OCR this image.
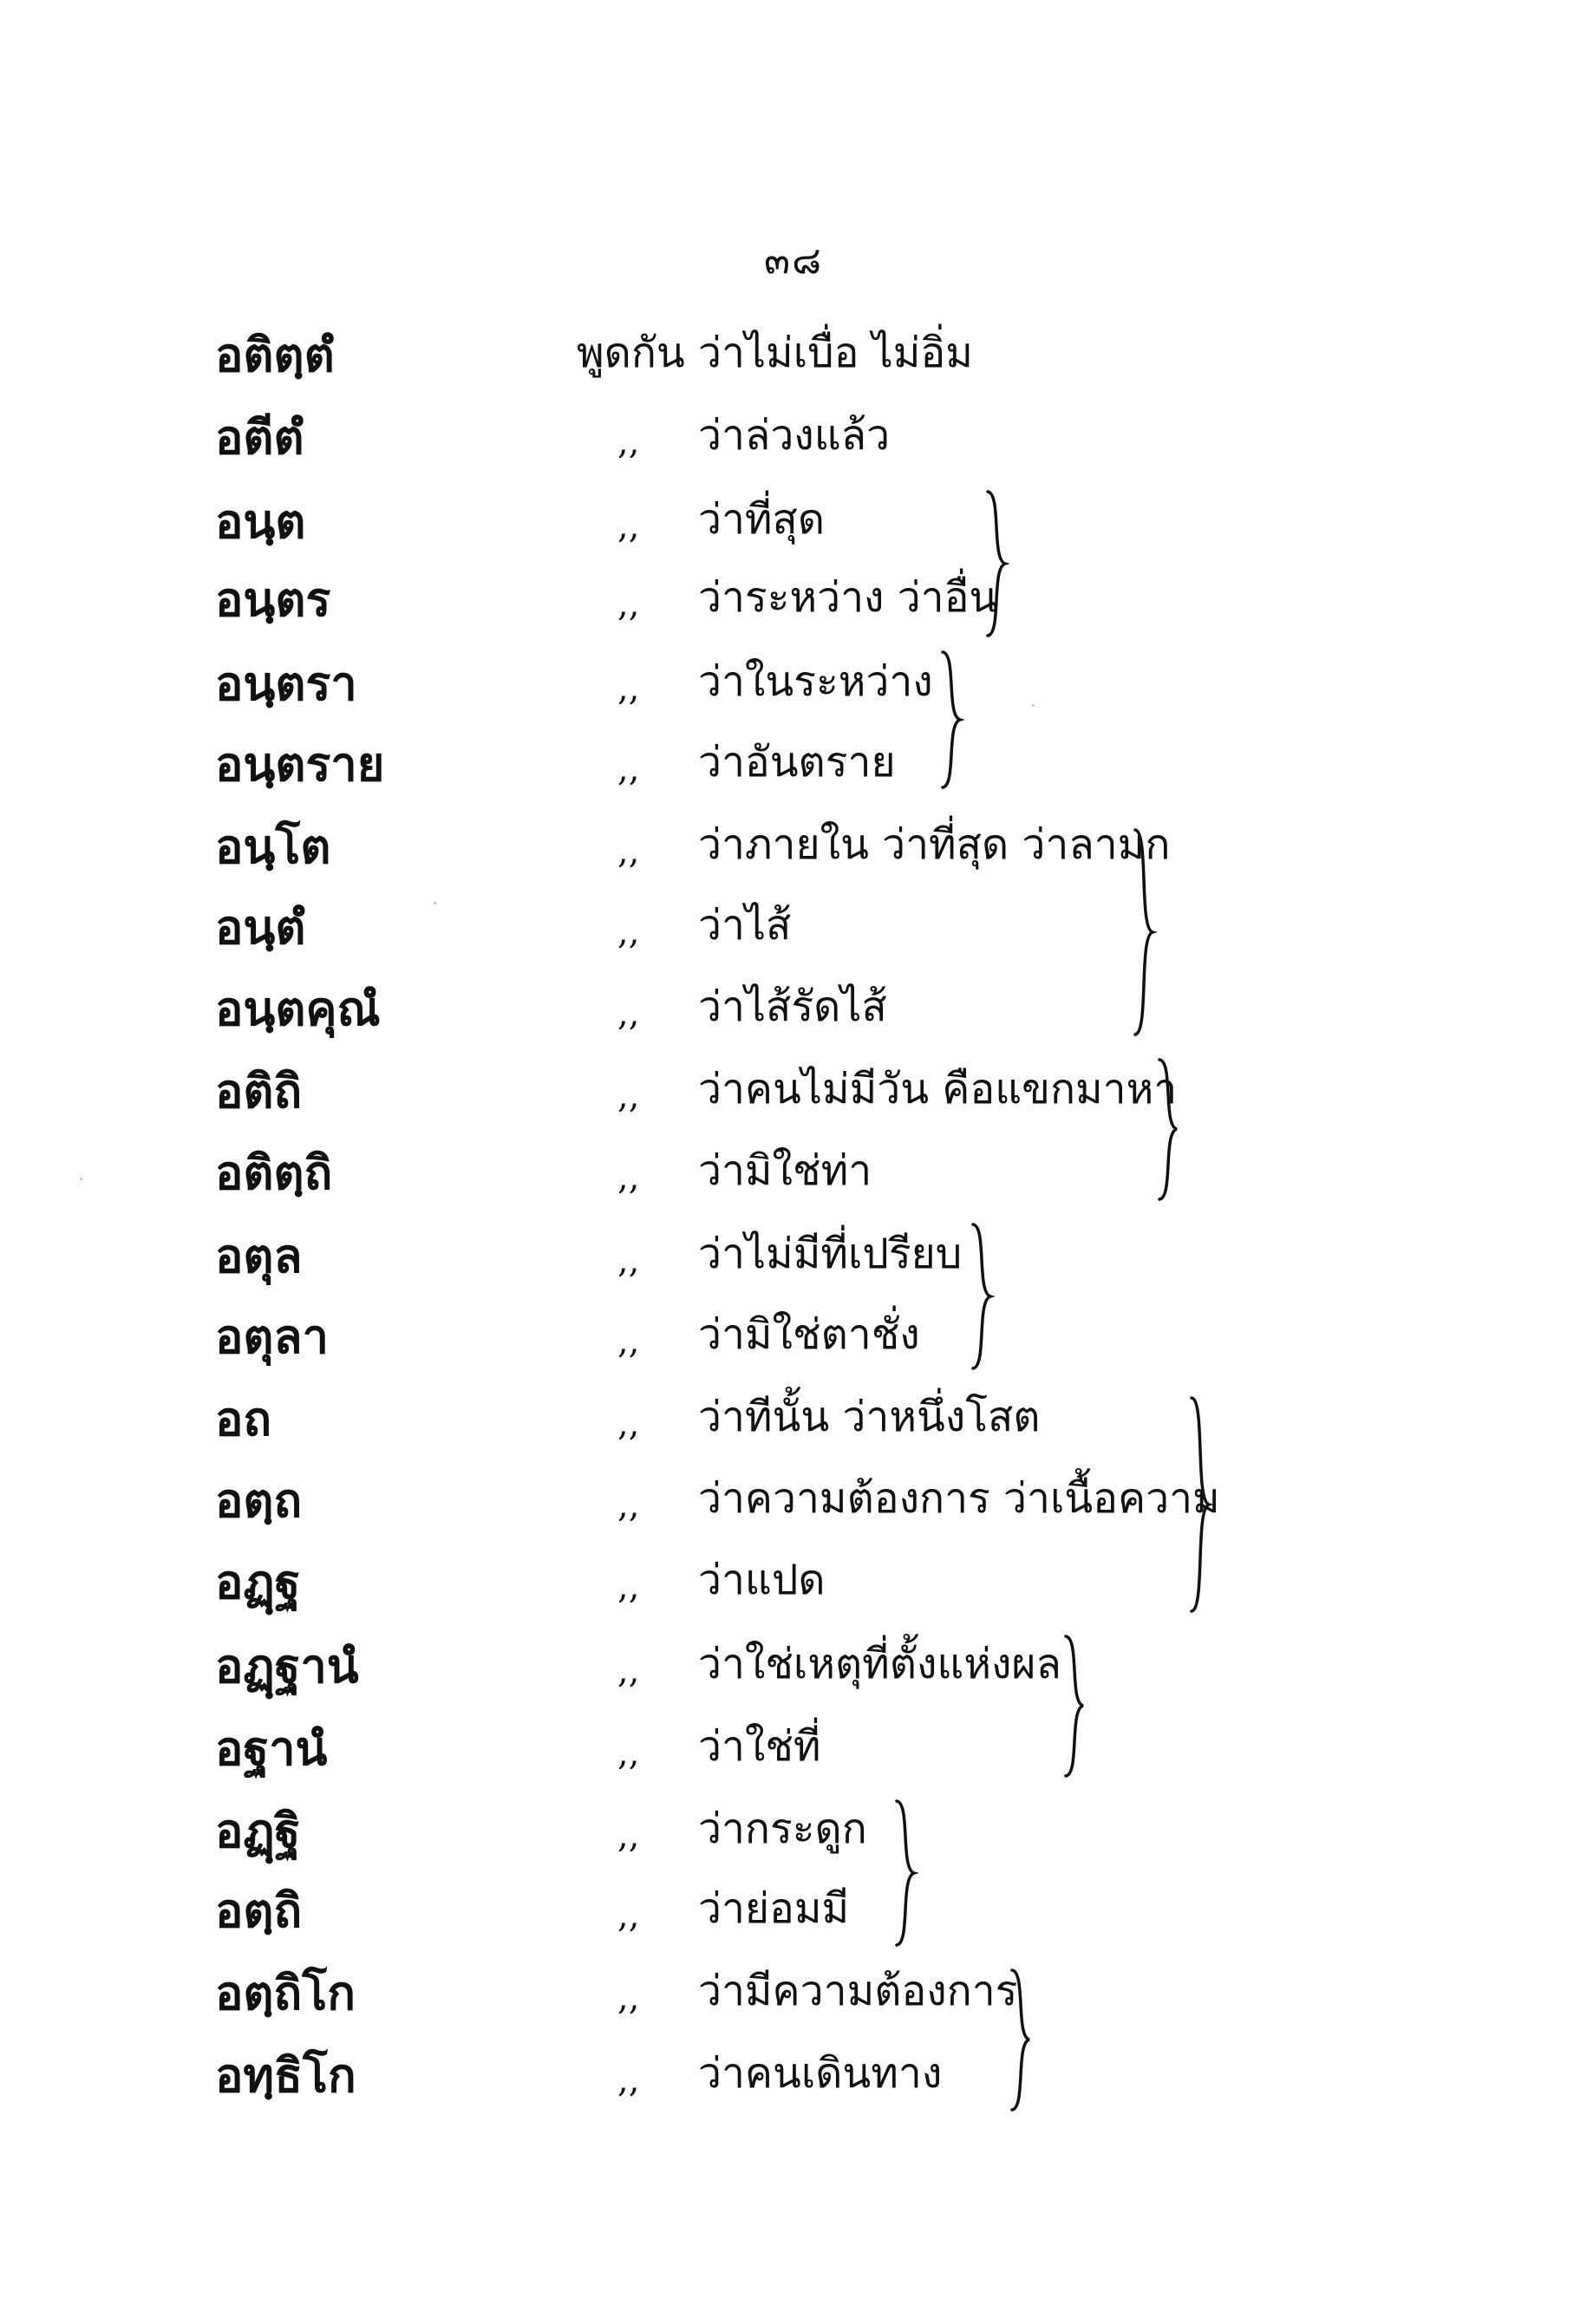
๓๘
อติตฺตํ	พูดกัน ว่าไม่เบื่อ ไม่อิ่ม
อตีตํ	,, ว่าล่วงแล้ว
อนฺต	,, ว่าที่สุด
อนฺตร	,, ว่าระหว่าง ว่าอื่น
อนฺตรา	,, ว่าในระหว่าง
อนฺตราย	,, ว่าอันตราย
อนฺโต	,, ว่าภายใน ว่าที่สุด ว่าลามก
อนฺตํ	,, ว่าไส้
อนฺตคุณํ	,, ว่าไส้รัดไส้
อติถิ	,, ว่าคนไม่มีวัน คือแขกมาหา
อติตฺถิ	,, ว่ามิใช่ท่า
อตุล	,, ว่าไม่มีที่เปรียบ
อตุลา	,, ว่ามิใช่ตาชั่ง
อถ	,, ว่าทีนั้น ว่าหนึ่งโสต
อตฺถ	,, ว่าความต้องการ ว่าเนื้อความ
อฏฺฐ	,, ว่าแปด
อฏฺฐานํ	,, ว่าใช่เหตุที่ตั้งแห่งผล
อฐานํ	,, ว่าใช่ที่
อฏฺฐิ	,, ว่ากระดูก
อตฺถิ	,, ว่าย่อมมี
อตฺถิโก	,, ว่ามีความต้องการ
อทฺธิโก	,, ว่าคนเดินทาง
